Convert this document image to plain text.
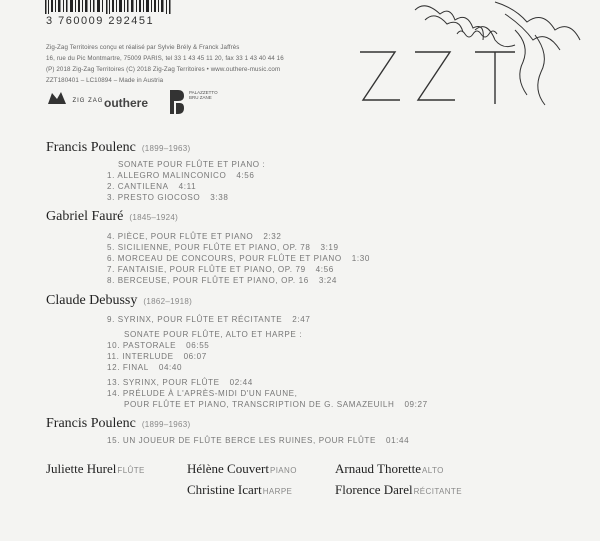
3 760009 292451
Zig-Zag Territoires conçu et réalisé par Sylvie Brély & Franck Jaffrès
16, rue du Pic Montmartre, 75009 PARIS, tel 33 1 43 45 11 20, fax 33 1 43 40 44 16
(P) 2018 Zig-Zag Territoires (C) 2018 Zig-Zag Territoires • www.outhere-music.com
ZZT180401 – LC10894 – Made in Austria
$^{ZIG ZAG}$ outhere
PALAZZETTO BRU ZANE
Francis Poulenc (1899–1963)
SONATE POUR FLÛTE ET PIANO :
1. ALLEGRO MALINCONICO 4:56
2. CANTILENA 4:11
3. PRESTO GIOCOSO 3:38
Gabriel Fauré (1845–1924)
4. PIÈCE, POUR FLÛTE ET PIANO 2:32
5. SICILIENNE, POUR FLÛTE ET PIANO, OP. 78 3:19
6. MORCEAU DE CONCOURS, POUR FLÛTE ET PIANO 1:30
7. FANTAISIE, POUR FLÛTE ET PIANO, OP. 79 4:56
8. BERCEUSE, POUR FLÛTE ET PIANO, OP. 16 3:24
Claude Debussy (1862–1918)
9. SYRINX, POUR FLÛTE ET RÉCITANTE 2:47
SONATE POUR FLÛTE, ALTO ET HARPE :
10. PASTORALE 06:55
11. INTERLUDE 06:07
12. FINAL 04:40
13. SYRINX, POUR FLÛTE 02:44
14. PRÉLUDE À L'APRÈS-MIDI D'UN FAUNE,
POUR FLÛTE ET PIANO, TRANSCRIPTION DE G. SAMAZEUILH 09:27
Francis Poulenc (1899–1963)
15. UN JOUEUR DE FLÛTE BERCE LES RUINES, POUR FLÛTE 01:44
Juliette HurelFLÛTE	Hélène CouvertPIANO	Arnaud ThoretteALTO
Christine IcartHARPE	Florence DarelRÉCITANTE
